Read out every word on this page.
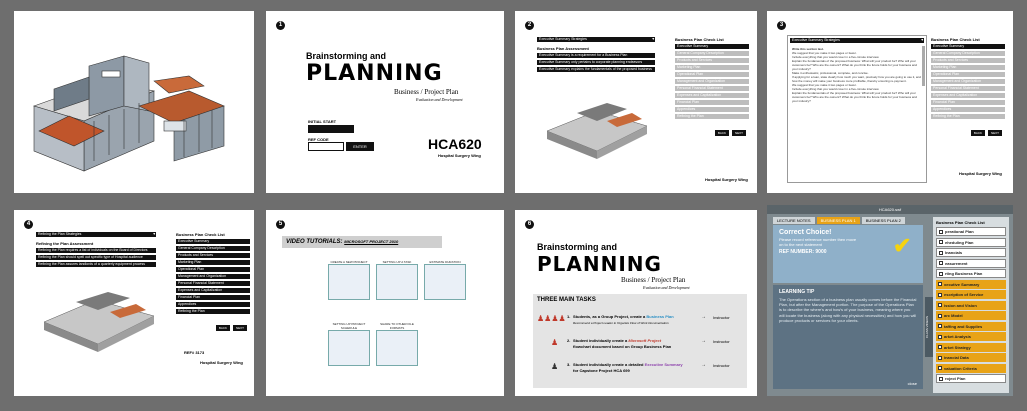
1
Brainstorming and
PLANNING
Business / Project Plan
Evaluation and Development
INITIAL START
REF CODE
ENTER	HCA620
Hospital Surgery Wing
2
Executive Summary Strategies	▼
Business Plan Assessment
Executive Summary is a requirement for a Business Plan
Executive Summary only pertains to corporate planning endeavors
Executive Summary explains the fundamentals of the proposed business
Business Plan Check List
Executive Summary
General Company Description
Products and Services
Marketing Plan
Operational Plan
Management and Organization
Personal Financial Statement
Expenses and Capitalization
Financial Plan
Appendices
Refining the Plan
BACK	NEXT
Hospital Surgery Wing
3
Executive Summary Strategies	▼

Write this section last.

We suggest that you make it two pages or fewer.

Include everything that you would cover in a five-minute interview.

Explain the fundamentals of the proposed business: What will your product be? Who will your customers be? Who are the owners? What do you think the future holds for your business and your industry?

Make it enthusiastic, professional, complete, and concise.

If applying for a loan, state clearly how much you want, precisely how you are going to use it, and how the money will make your business more profitable, thereby ensuring re-payment.

We suggest that you make it two pages or fewer.

Include everything that you would cover in a five-minute interview.

Explain the fundamentals of the proposed business: What will your product be? Who will your customers be? Who are the owners? What do you think the future holds for your business and your industry?

Business Plan Check List
Executive Summary
General Company Description
Products and Services
Marketing Plan
Operational Plan
Management and Organization
Personal Financial Statement
Expenses and Capitalization
Financial Plan
Appendices
Refining the Plan
BACK	NEXT
Hospital Surgery Wing
4
Refining the Plan Strategies	▼
Refining the Plan Assessment
Refining the Plan requires a list of individuals on the Board of Directors
Refining the Plan should spell out specific type of Hospital audience
Refining the Plan assures landlords of a quarterly equipment process
Business Plan Check List
Executive Summary
General Company Description
Products and Services
Marketing Plan
Operational Plan
Management and Organization
Personal Financial Statement
Expenses and Capitalization
Financial Plan
Appendices
Refining the Plan
BACK	NEXT
REF# 3173
Hospital Surgery Wing
5
VIDEO TUTORIALS: MICROSOFT PROJECT 2010
CREATE A NEW PROJECT	SETTING UP A TASK	ESTIMATE DURATION
SETTING UP PROJECT SCHEDULE
SHARE TO OTHER FILE FORMATS
6
Brainstorming and
PLANNING
Business / Project Plan
Evaluation and Development
THREE MAIN TASKS
♟♟♟♟ 1. Students, as a Group Project, create a Business Plan
Recommend a Project Leader to Organize Flow of Work Documentation
→ Instructor
♟ 2. Student individually create a Microsoft Project
flowchart document based on Group Business Plan
→ Instructor
♟ 3. Student individually create a detailed Executive Summary
for Capstone Project HCA 699
→ Instructor
HCA620.swf
LECTURE NOTES	BUSINESS PLAN 1	BUSINESS PLAN 2
Correct Choice!
Please record reference number then move on to the next statement
REF NUMBER: 9000	✔
LEARNING TIP
The Operations section of a business plan usually comes before the Financial Plan, but after the Management portion. The purpose of the Operations Plan is to describe the where's and how's of your business, meaning where you will locate the business (along with any physical necessities) and how you will produce products or services for your clients.
close
CLASS VIDEOS
Business Plan Check List
perational Plan
eheduling Plan
lnancials
easurement
rting Business Plan
xecutive Summary
escription of Service
ission and Vision
arc Model
taffing and Supplies
arket Analysis
arket Strategy
inancial Data
valuation Criteria
roject Plan
